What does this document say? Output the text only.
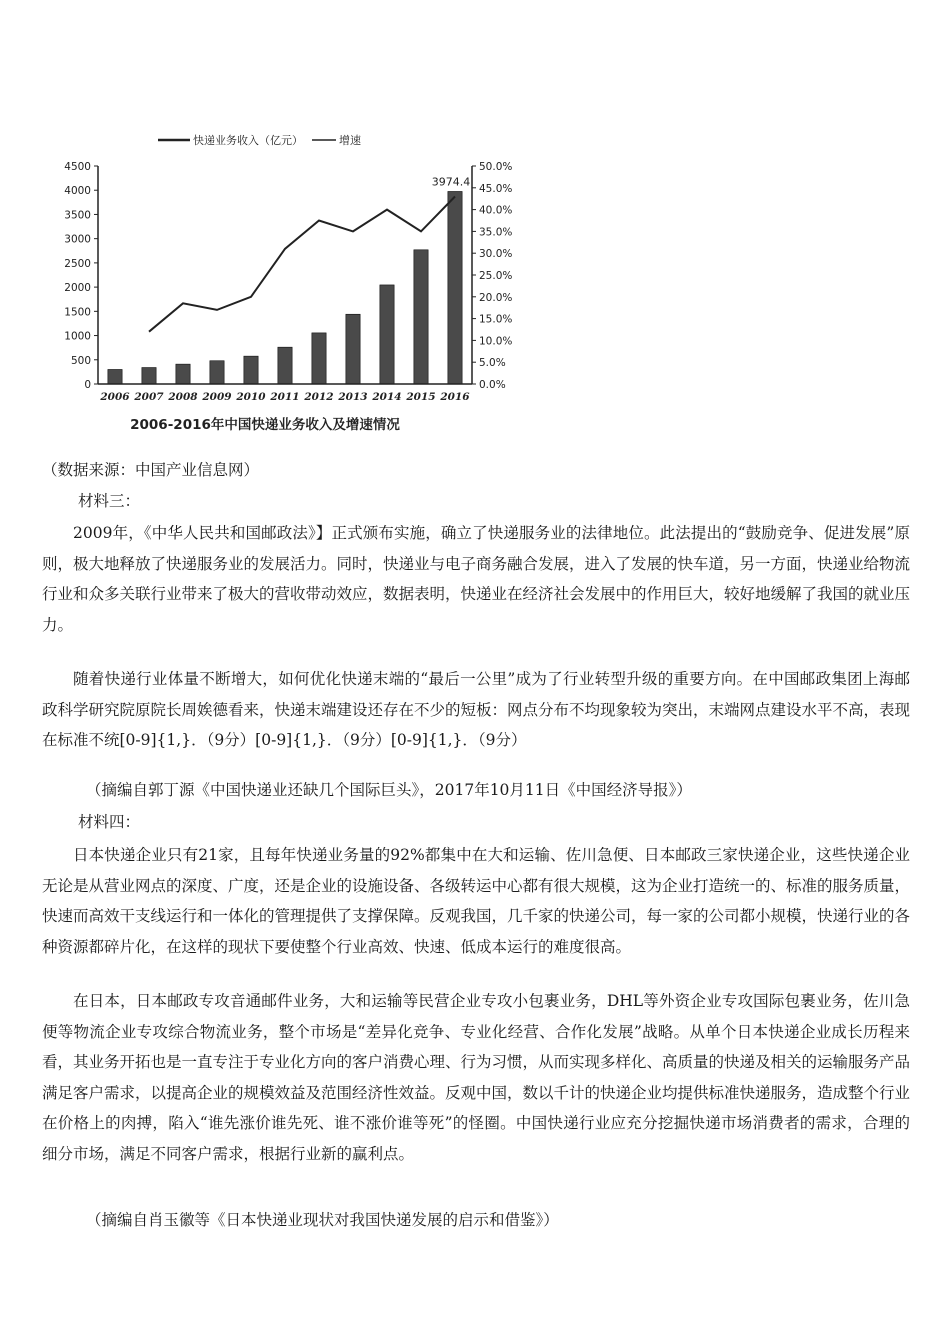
0
500
1000
1500
2000
2500
3000
3500
4000
4500
0.0%
5.0%
10.0%
15.0%
20.0%
25.0%
30.0%
35.0%
40.0%
45.0%
50.0%
2006 2007 2008 2009 2010 2011 2012 2013 2014 2015 2016
3974.4
快递业务收入（亿元）	增速
2006-2016年中国快递业务收入及增速情况
（数据来源：中国产业信息网）
材料三：
2009年，《中华人民共和国邮政法》】正式颁布实施，确立了快递服务业的法律地位。此法提出的“鼓励竞争、促进发展”原则，极大地释放了快递服务业的发展活力。同时，快递业与电子商务融合发展，进入了发展的快车道，另一方面，快递业给物流行业和众多关联行业带来了极大的营收带动效应，数据表明，快递业在经济社会发展中的作用巨大，较好地缓解了我国的就业压力。
随着快递行业体量不断增大，如何优化快递末端的“最后一公里”成为了行业转型升级的重要方向。在中国邮政集团上海邮政科学研究院原院长周娭德看来，快递末端建设还存在不少的短板：网点分布不均现象较为突出，末端网点建设水平不高，表现在标准不统[0-9]{1,}．（9分）[0-9]{1,}．（9分）[0-9]{1,}．（9分）
（摘编自郭丁源《中国快递业还缺几个国际巨头》，2017年10月11日《中国经济导报》）
材料四：
日本快递企业只有21家，且每年快递业务量的92%都集中在大和运输、佐川急便、日本邮政三家快递企业，这些快递企业无论是从营业网点的深度、广度，还是企业的设施设备、各级转运中心都有很大规模，这为企业打造统一的、标准的服务质量，快速而高效干支线运行和一体化的管理提供了支撑保障。反观我国，几千家的快递公司，每一家的公司都小规模，快递行业的各种资源都碎片化，在这样的现状下要使整个行业高效、快速、低成本运行的难度很高。
在日本，日本邮政专攻音通邮件业务，大和运输等民营企业专攻小包裹业务，DHL等外资企业专攻国际包裹业务，佐川急便等物流企业专攻综合物流业务，整个市场是“差异化竞争、专业化经营、合作化发展”战略。从单个日本快递企业成长历程来看，其业务开拓也是一直专注于专业化方向的客户消费心理、行为习惯，从而实现多样化、高质量的快递及相关的运输服务产品满足客户需求，以提高企业的规模效益及范围经济性效益。反观中国，数以千计的快递企业均提供标准快递服务，造成整个行业在价格上的肉搏，陷入“谁先涨价谁先死、谁不涨价谁等死”的怪圈。中国快递行业应充分挖掘快递市场消费者的需求，合理的细分市场，满足不同客户需求，根据行业新的赢利点。
（摘编自肖玉徽等《日本快递业现状对我国快递发展的启示和借鉴》）
